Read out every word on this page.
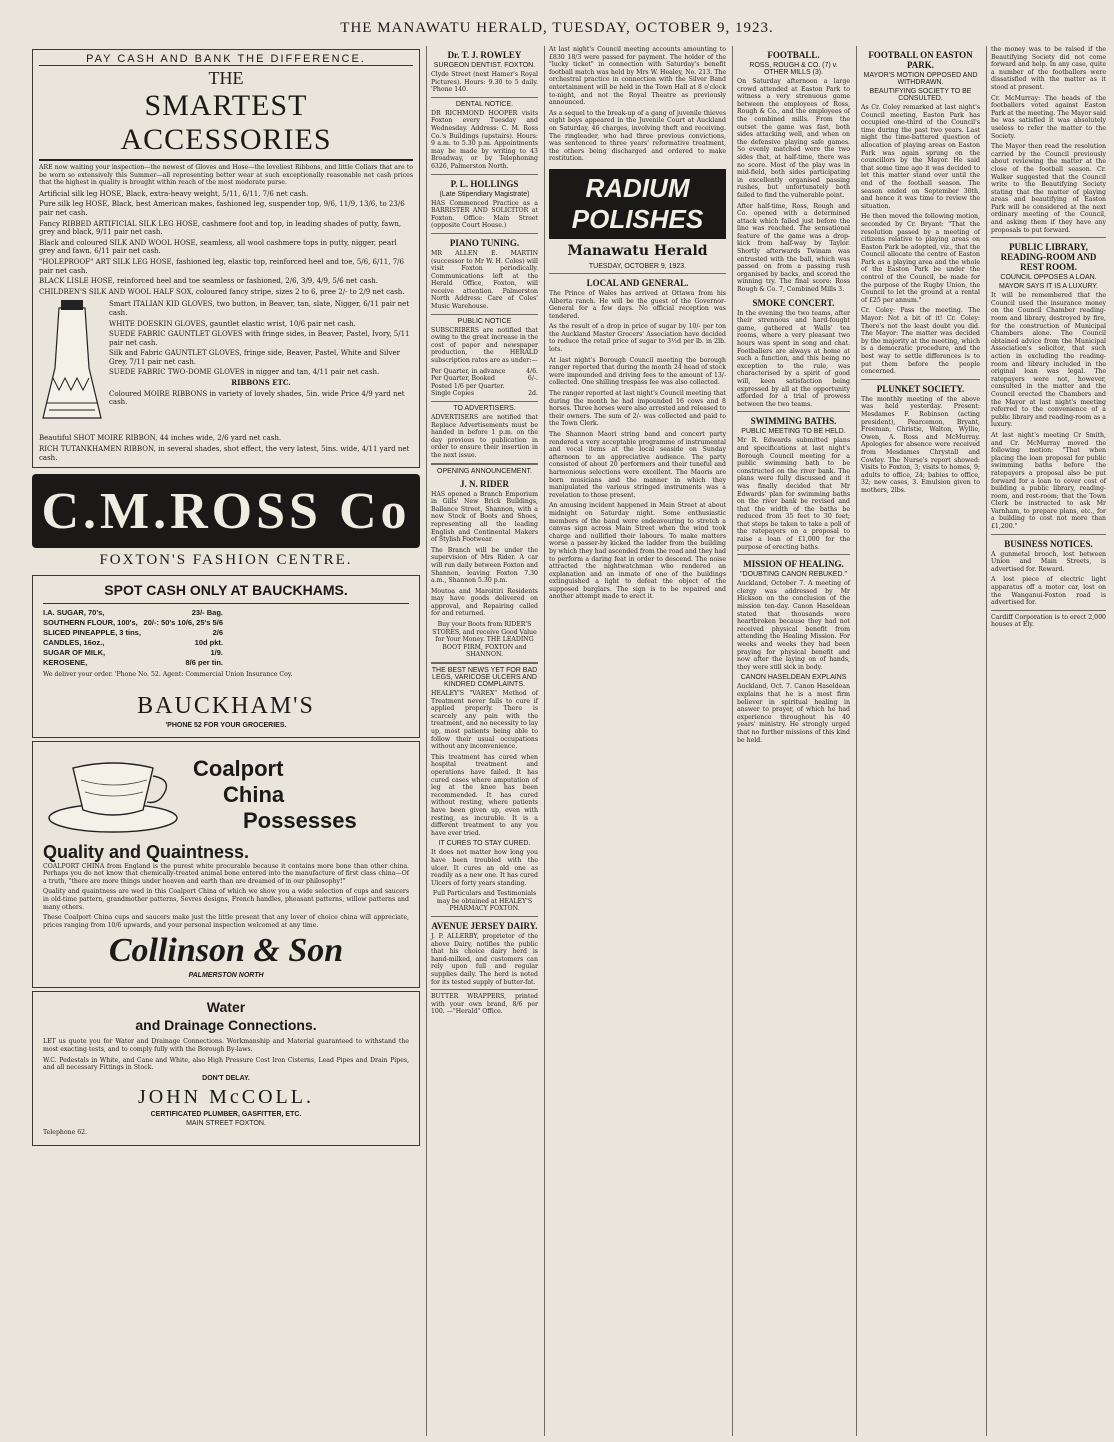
THE MANAWATU HERALD, TUESDAY, OCTOBER 9, 1923.
PAY CASH AND BANK THE DIFFERENCE.
THE
SMARTEST ACCESSORIES

ARE now waiting your inspection—the newest of Gloves and Hose—the loveliest Ribbons, and little Collars that are to be worn so extensively this Summer—all representing better wear at such exceptionally reasonable net cash prices that the highest in quality is brought within reach of the most moderate purse.

Artificial silk leg HOSE, Black, extra-heavy weight, 5/11, 6/11, 7/6 net cash.
Pure silk leg HOSE, Black, best American makes, fashioned leg, suspender top, 9/6, 11/9, 13/6, to 23/6 pair net cash.
Fancy RIBBED ARTIFICIAL SILK LEG HOSE, cashmere foot and top, in leading shades of putty, fawn, grey and black, 9/11 pair net cash.
Black and coloured SILK AND WOOL HOSE, seamless, all wool cashmere tops in putty, nigger, pearl grey and fawn, 6/11 pair net cash.
"HOLEPROOF" ART SILK LEG HOSE, fashioned leg, elastic top, reinforced heel and toe, 5/6, 6/11, 7/6 pair net cash.
BLACK LISLE HOSE, reinforced heel and toe seamless or fashioned, 2/6, 3/9, 4/9, 5/6 net cash.
CHILDREN'S SILK AND WOOL HALF SOX, coloured fancy stripe, sizes 2 to 6, pree 2/- to 2/9 net cash.
Smart ITALIAN KID GLOVES, two button, in Beaver, tan, slate, Nigger, 6/11 pair net cash.
WHITE DOESKIN GLOVES, gauntlet elastic wrist, 10/6 pair net cash.
SUEDE FABRIC GAUNTLET GLOVES with fringe sides, in Beaver, Pastel, Ivory, 5/11 pair net cash.
Silk and Fabric GAUNTLET GLOVES, fringe side, Beaver, Pastel, White and Silver Grey, 7/11 pair net cash.
SUEDE FABRIC TWO-DOME GLOVES in nigger and tan, 4/11 pair net cash.
RIBBONS ETC.
Coloured MOIRE RIBBONS in variety of lovely shades, 5in. wide Price 4/9 yard net cash.
Beautiful SHOT MOIRE RIBBON, 44 inches wide, 2/6 yard net cash.
RICH TUTANKHAMEN RIBBON, in several shades, shot effect, the very latest, 5ins. wide, 4/11 yard net cash.
C.M.ROSS Co
FOXTON'S FASHION CENTRE.
SPOT CASH ONLY AT BAUCKHAMS.
I.A. SUGAR, 70's,	23/- Bag.
SOUTHERN FLOUR, 100's, 20/-: 50's 10/6, 25's 5/6
SLICED PINEAPPLE, 3 tins,	2/6
CANDLES, 16oz.,	10d pkt.
SUGAR OF MILK,	1/9.
KEROSENE,	8/6 per tin.
We deliver your order. 'Phone No. 52. Agent: Commercial Union Insurance Coy.
BAUCKHAM'S
'PHONE 52 FOR YOUR GROCERIES.
Coalport
China
Possesses
Quality and Quaintness.

COALPORT CHINA from England is the purest white procurable because it contains more bone than other china. Perhaps you do not know that chemically-treated animal bone entered into the manufacture of first class china—Of a truth, "there are more things under heaven and earth than are dreamed of in our philosophy!"

Quality and quaintness are wed in this Coalport China of which we show you a wide selection of cups and saucers in old-time pattern, grandmother patterns, Sevres designs, French handles, pheasant patterns, willow patterns and many others.

These Coalport China cups and saucers make just the little present that any lover of choice china will appreciate, prices ranging from 10/6 upwards, and your personal inspection welcomed at any time.

Collinson & Son
PALMERSTON NORTH
Water
and Drainage Connections.

LET us quote you for Water and Drainage Connections. Workmanship and Material guaranteed to withstand the most exacting tests, and to comply fully with the Borough By-laws.

W.C. Pedestals in White, and Cane and White, also High Pressure Cost Iron Cisterns, Lead Pipes and Drain Pipes, and all necessary Fittings in Stock.

DON'T DELAY.
JOHN McCOLL.
CERTIFICATED PLUMBER, GASFITTER, ETC.
MAIN STREET FOXTON.
Telephone 62.
Dr. T. J. ROWLEY
SURGEON DENTIST. FOXTON.

Clyde Street (next Hamer's Royal Pictures). Hours: 9.30 to 5 daily. 'Phone 140.

DENTAL NOTICE.

DR RICHMOND HOOPER visits Foxton every Tuesday and Wednesday. Address: C. M. Ross Co.'s Buildings (upstairs). Hours: 9 a.m. to 5.30 p.m. Appointments may be made by writing to 43 Broadway, or by Telephoning 6326, Palmerston North.

P. L. HOLLINGS
(Late Stipendiary Magistrate)

HAS Commenced Practice as a BARRISTER AND SOLICITOR at Foxton. Office: Main Street (opposite Court House.)

PIANO TUNING.

MR ALLEN E. MARTIN (successor to Mr W. H. Coles) will visit Foxton periodically. Communications left at the Herald Office, Foxton, will receive attention. Palmerston North Address: Care of Coles' Music Warehouse.

PUBLIC NOTICE

SUBSCRIBERS are notified that owing to the great increase in the cost of paper and newspaper production, the HERALD subscription rates are as under:—

Per Quarter, in advance	4/6.
Per Quarter, Booked	6/-.
Posted 1/6 per Quarter.
Single Copies	2d.
TO ADVERTISERS.

ADVERTISERS are notified that Replace Advertisements must be handed in before 1 p.m. on the day previous to publication in order to ensure their insertion in the next issue.

OPENING ANNOUNCEMENT.
J. N. RIDER

HAS opened a Branch Emporium in Gills' New Brick Buildings, Ballance Street, Shannon, with a new Stock of Boots and Shoes, representing all the leading English and Continental Makers of Stylish Footwear.

The Branch will be under the supervision of Mrs Rider. A car will run daily between Foxton and Shannon, leaving Foxton 7.30 a.m., Shannon 5.30 p.m.

Moutoa and Maroitiri Residents may have goods delivered on approval, and Repairing called for and returned.

Buy your Boots from RIDER'S STORES, and receive Good Value for Your Money. THE LEADING BOOT FIRM, FOXTON and SHANNON.

THE BEST NEWS YET FOR BAD LEGS, VARICOSE ULCERS AND KINDRED COMPLAINTS.

HEALEY'S "VAREX" Method of Treatment never fails to cure if applied properly. There is scarcely any pain with the treatment, and no necessity to lay up, most patients being able to follow their usual occupations without any inconvenience.

This treatment has cured when hospital treatment and operations have failed. It has cured cases where amputation of leg at the knee has been recommended. It has cured without resting, where patients have been given up, even with resting, as incurable. It is a different treatment to any you have ever tried.

IT CURES TO STAY CURED.

It does not matter how long you have been troubled with the ulcer. It cures an old one as readily as a new one. It has cured Ulcers of forty years standing.

Full Particulars and Testimonials may be obtained at HEALEY'S PHARMACY FOXTON.

AVENUE JERSEY DAIRY.

J. P. ALLERBY, proprietor of the above Dairy, notifies the public that his choice dairy herd is hand-milked, and customers can rely upon full and regular supplies daily. The herd is noted for its tested supply of butter-fat.

BUTTER WRAPPERS, printed with your own brand, 8/6 per 100. —"Herald" Office.

At last night's Council meeting accounts amounting to £830 18/3 were passed for payment. The holder of the "lucky ticket" in connection with Saturday's benefit football match was held by Mrs W. Healey, No. 213. The orchestral practice in connection with the Silver Band entertainment will be held in the Town Hall at 8 o'clock to-night, and not the Royal Theatre as previously announced.

As a sequel to the break-up of a gang of juvenile thieves eight boys appeared in the Juvenile Court at Auckland on Saturday, 46 charges, involving theft and receiving. The ringleader, who had three previous convictions, was sentenced to three years' reformative treatment, the others being discharged and ordered to make restitution.

RADIUM POLISHES
Manawatu Herald
TUESDAY, OCTOBER 9, 1923.
LOCAL AND GENERAL.

The Prince of Wales has arrived at Ottawa from his Alberta ranch. He will be the guest of the Governor-General for a few days. No official reception was tendered.

As the result of a drop in price of sugar by 10/- per ton the Auckland Master Grocers' Association have decided to reduce the retail price of sugar to 3½d per lb. in 2lb. lots.

At last night's Borough Council meeting the borough ranger reported that during the month 24 head of stock were impounded and driving fees to the amount of 13/- collected. One shilling trespass fee was also collected.

The ranger reported at last night's Council meeting that during the month he had impounded 16 cows and 8 horses. Three horses were also arrested and released to their owners. The sum of 2/- was collected and paid to the Town Clerk.

The Shannon Maori string band and concert party rendered a very acceptable programme of instrumental and vocal items at the local seaside on Sunday afternoon to an appreciative audience. The party consisted of about 20 performers and their tuneful and harmonious selections were excellent. The Maoris are born musicians and the manner in which they manipulated the various stringed instruments was a revelation to those present.

An amusing incident happened in Main Street at about midnight on Saturday night. Some enthusiastic members of the band were endeavouring to stretch a canvas sign across Main Street when the wind took charge and nullified their labours. To make matters worse a passer-by kicked the ladder from the building by which they had ascended from the road and they had to perform a daring feat in order to descend. The noise attracted the nightwatchman who rendered an explanation and an inmate of one of the buildings extinguished a light to defeat the object of the supposed burglars. The sign is to be repaired and another attempt made to erect it.

FOOTBALL.
ROSS, ROUGH & CO. (7) v. OTHER MILLS (3).

On Saturday afternoon a large crowd attended at Easton Park to witness a very strenuous game between the employees of Ross, Rough & Co., and the employees of the combined mills. From the outset the game was fast, both sides attacking well, and when on the defensive playing safe games. So evenly matched were the two sides that, at half-time, there was no score. Most of the play was in mid-field, both sides participating in excellently organised passing rushes, but unfortunately both failed to find the vulnerable point.

After half-time, Ross, Rough and Co. opened with a determined attack which failed just before the line was reached. The sensational feature of the game was a drop-kick from half-way by Taylor. Shortly afterwards Twinam was entrusted with the ball, which was passed on from a passing rush organised by backs, and scored the winning try. The final score: Ross Rough & Co. 7, Combined Mills 3.

SMOKE CONCERT.

In the evening the two teams, after their strenuous and hard-fought game, gathered at Walls' tea rooms, where a very pleasant two hours was spent in song and chat. Footballers are always at home at such a function, and this being no exception to the rule, was characterised by a spirit of good will, keen satisfaction being expressed by all at the opportunity afforded for a trial of prowess between the two teams.

SWIMMING BATHS.
PUBLIC MEETING TO BE HELD.

Mr R. Edwards submitted plans and specifications at last night's Borough Council meeting for a public swimming bath to be constructed on the river bank. The plans were fully discussed and it was finally decided that Mr Edwards' plan for swimming baths on the river bank be revised and that the width of the baths be reduced from 35 feet to 30 feet; that steps be taken to take a poll of the ratepayers on a proposal to raise a loan of £1,000 for the purpose of erecting baths.

MISSION OF HEALING.
"DOUBTING CANON REBUKED."

Auckland, October 7. A meeting of clergy was addressed by Mr Hickson on the conclusion of the mission ten-day. Canon Haseldean stated that thousands were heartbroken because they had not received physical benefit from attending the Healing Mission. For weeks and weeks they had been praying for physical benefit and now after the laying on of hands, they were still sick in body.

CANON HASELDEAN EXPLAINS

Auckland, Oct. 7. Canon Haseldean explains that he is a most firm believer in spiritual healing in answer to prayer, of which he had experience throughout his 40 years' ministry. He strongly urged that no further missions of this kind be held.

FOOTBALL ON EASTON PARK.
MAYOR'S MOTION OPPOSED AND WITHDRAWN.
BEAUTIFYING SOCIETY TO BE CONSULTED.

As Cr. Coley remarked at last night's Council meeting, Easton Park has occupied one-third of the Council's time during the past two years. Last night the time-battered question of allocation of playing areas on Easton Park was again sprung on the councillors by the Mayor. He said that some time ago it was decided to let this matter stand over until the end of the football season. The season ended on September 30th, and hence it was time to review the situation.

He then moved the following motion, seconded by Cr. Bryant: "That the resolution passed by a meeting of citizens relative to playing areas on Easton Park be adopted, viz., that the Council allocate the centre of Easton Park as a playing area and the whole of the Easton Park be under the control of the Council, be made for the purpose of the Rugby Union, the Council to let the ground at a rental of £25 per annum."

Cr. Coley: Pass the meeting. The Mayor: Not a bit of it! Cr. Coley: There's not the least doubt you did. The Mayor: The matter was decided by the majority at the meeting, which is a democratic procedure, and the best way to settle differences is to put them before the people concerned.

PLUNKET SOCIETY.

The monthly meeting of the above was held yesterday. Present: Mesdames F. Robinson (acting president), Pearcemon, Bryant, Freeman, Christie, Walton, Wyllie, Owen, A. Ross and McMurray. Apologies for absence were received from Mesdames Chrystall and Cowley. The Nurse's report showed: Visits to Foxton, 3; visits to homes, 9; adults to office, 24; babies to office, 32; new cases, 3. Emulsion given to mothers, 2lbs.

the money was to be raised if the Beautifying Society did not come forward and help. In any case, quite a number of the footballers were dissatisfied with the matter as it stood at present.

Cr. McMurray: The heads of the footballers voted against Easton Park at the meeting. The Mayor said he was satisfied it was absolutely useless to refer the matter to the Society.

The Mayor then read the resolution carried by the Council previously about reviewing the matter at the close of the football season. Cr. Walker suggested that the Council write to the Beautifying Society stating that the matter of playing areas and beautifying of Easton Park will be considered at the next ordinary meeting of the Council, and asking them if they have any proposals to put forward.

PUBLIC LIBRARY, READING-ROOM AND REST ROOM.
COUNCIL OPPOSES A LOAN.
MAYOR SAYS IT IS A LUXURY.

It will be remembered that the Council used the insurance money on the Council Chamber reading-room and library, destroyed by fire, for the construction of Municipal Chambers alone. The Council obtained advice from the Municipal Association's solicitor, that such action in excluding the reading-room and library included in the original loan was legal. The ratepayers were not, however, consulted in the matter and the Council erected the Chambers and the Mayor at last night's meeting referred to the convenience of a public library and reading-room as a luxury.

At last night's meeting Cr Smith, and Cr. McMurray moved the following motion: "That when placing the loan proposal for public swimming baths before the ratepayers a proposal also be put forward for a loan to cover cost of building a public library, reading-room, and rest-room; that the Town Clerk be instructed to ask Mr Varnham, to prepare plans, etc., for a building to cost not more than £1,200."

BUSINESS NOTICES.

A gunmetal brooch, lost between Union and Main Streets, is advertised for. Reward.

A lost piece of electric light apparatus off a motor car, lost on the Wanganui-Foxton road is advertised for.

Cardiff Corporation is to erect 2,000 houses at Ely.
